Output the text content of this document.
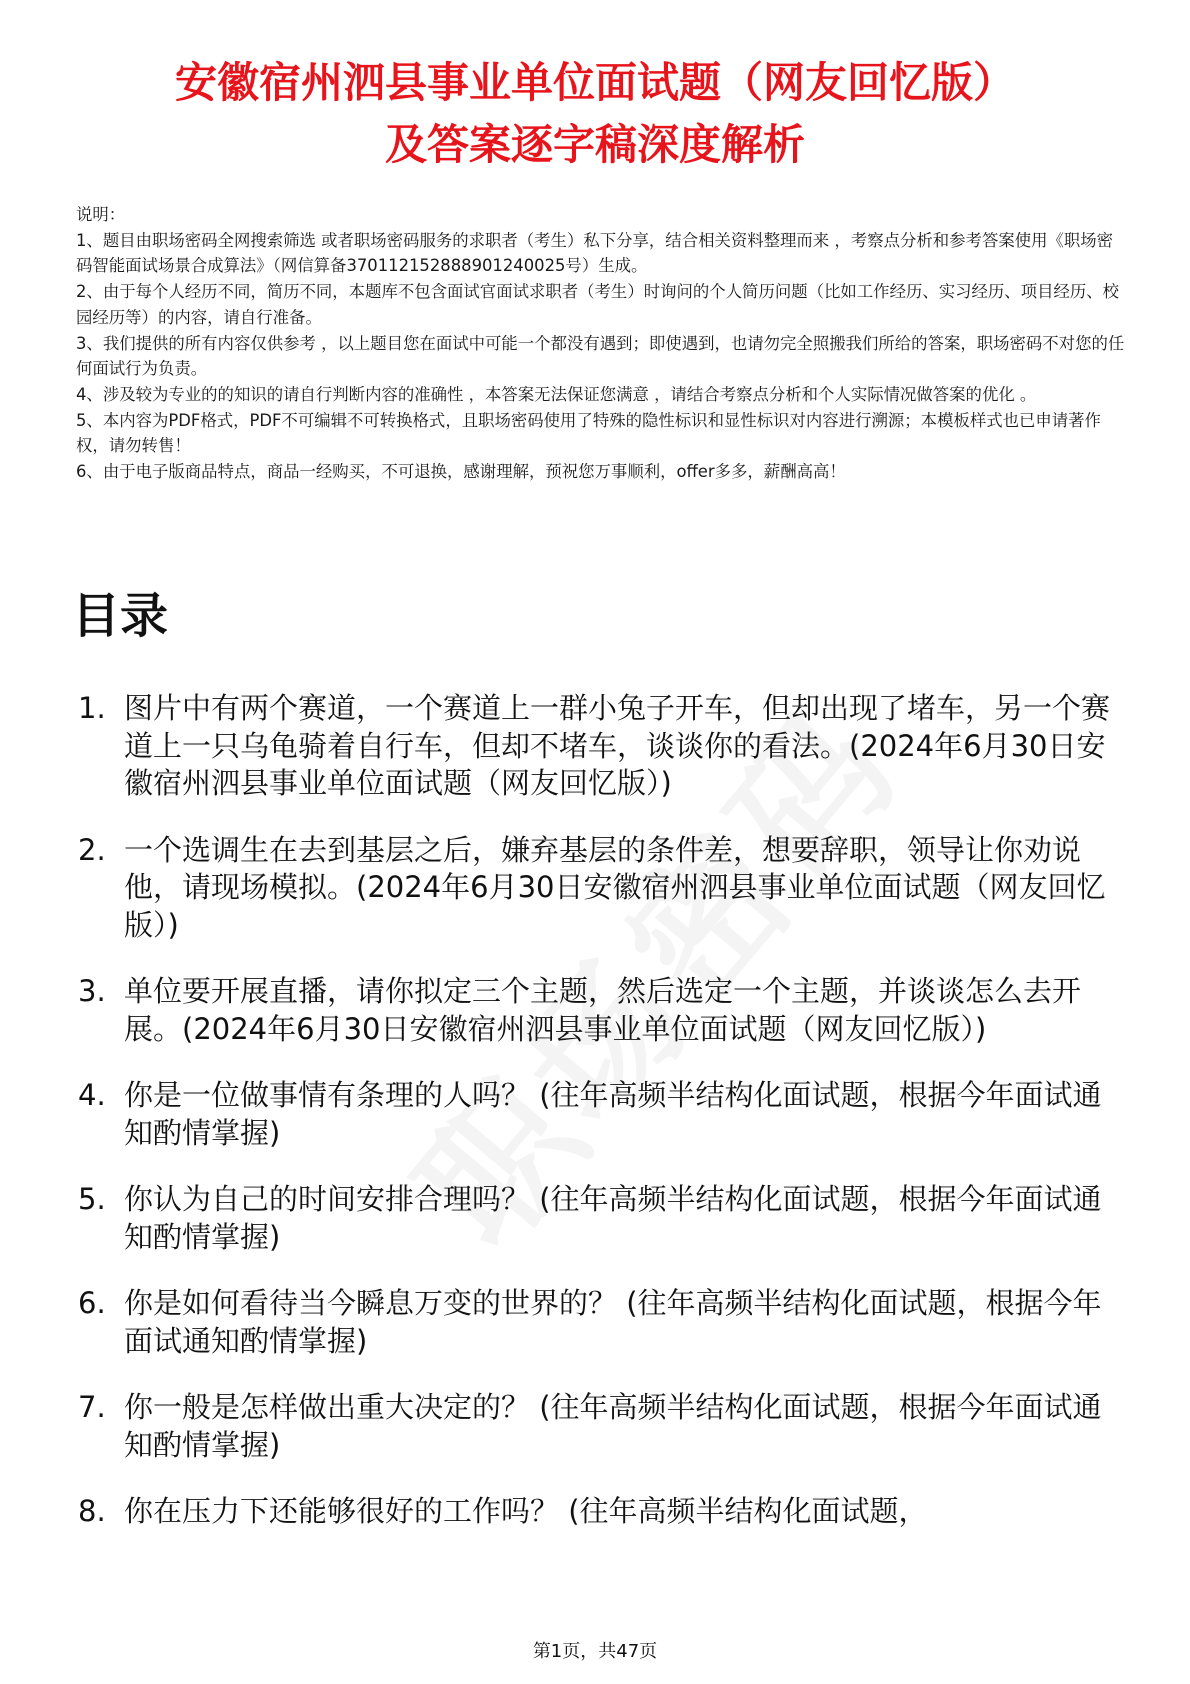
安徽宿州泗县事业单位面试题（网友回忆版）
及答案逐字稿深度解析

说明：

1、题目由职场密码全网搜索筛选 或者职场密码服务的求职者（考生）私下分享，结合相关资料整理而来 ，考察点分析和参考答案使用《职场密码智能面试场景合成算法》（网信算备370112152888901240025号）生成。

2、由于每个人经历不同，简历不同，本题库不包含面试官面试求职者（考生）时询问的个人简历问题（比如工作经历、实习经历、项目经历、校园经历等）的内容，请自行准备。

3、我们提供的所有内容仅供参考 ，以上题目您在面试中可能一个都没有遇到；即使遇到，也请勿完全照搬我们所给的答案，职场密码不对您的任何面试行为负责。

4、涉及较为专业的的知识的请自行判断内容的准确性 ，本答案无法保证您满意 ，请结合考察点分析和个人实际情况做答案的优化 。

5、本内容为PDF格式，PDF不可编辑不可转换格式，且职场密码使用了特殊的隐性标识和显性标识对内容进行溯源；本模板样式也已申请著作权，请勿转售！

6、由于电子版商品特点，商品一经购买，不可退换，感谢理解，预祝您万事顺利，offer多多，薪酬高高！

目录
1. 图片中有两个赛道，一个赛道上一群小兔子开车，但却出现了堵车，另一个赛道上一只乌龟骑着自行车，但却不堵车，谈谈你的看法。(2024年6月30日安徽宿州泗县事业单位面试题（网友回忆版）)
2. 一个选调生在去到基层之后，嫌弃基层的条件差，想要辞职，领导让你劝说他，请现场模拟。(2024年6月30日安徽宿州泗县事业单位面试题（网友回忆版）)
3. 单位要开展直播，请你拟定三个主题，然后选定一个主题，并谈谈怎么去开展。(2024年6月30日安徽宿州泗县事业单位面试题（网友回忆版）)
4. 你是一位做事情有条理的人吗？ (往年高频半结构化面试题，根据今年面试通知酌情掌握)
5. 你认为自己的时间安排合理吗？ (往年高频半结构化面试题，根据今年面试通知酌情掌握)
6. 你是如何看待当今瞬息万变的世界的？ (往年高频半结构化面试题，根据今年面试通知酌情掌握)
7. 你一般是怎样做出重大决定的？ (往年高频半结构化面试题，根据今年面试通知酌情掌握)
8. 你在压力下还能够很好的工作吗？ (往年高频半结构化面试题，
第1页，共47页
